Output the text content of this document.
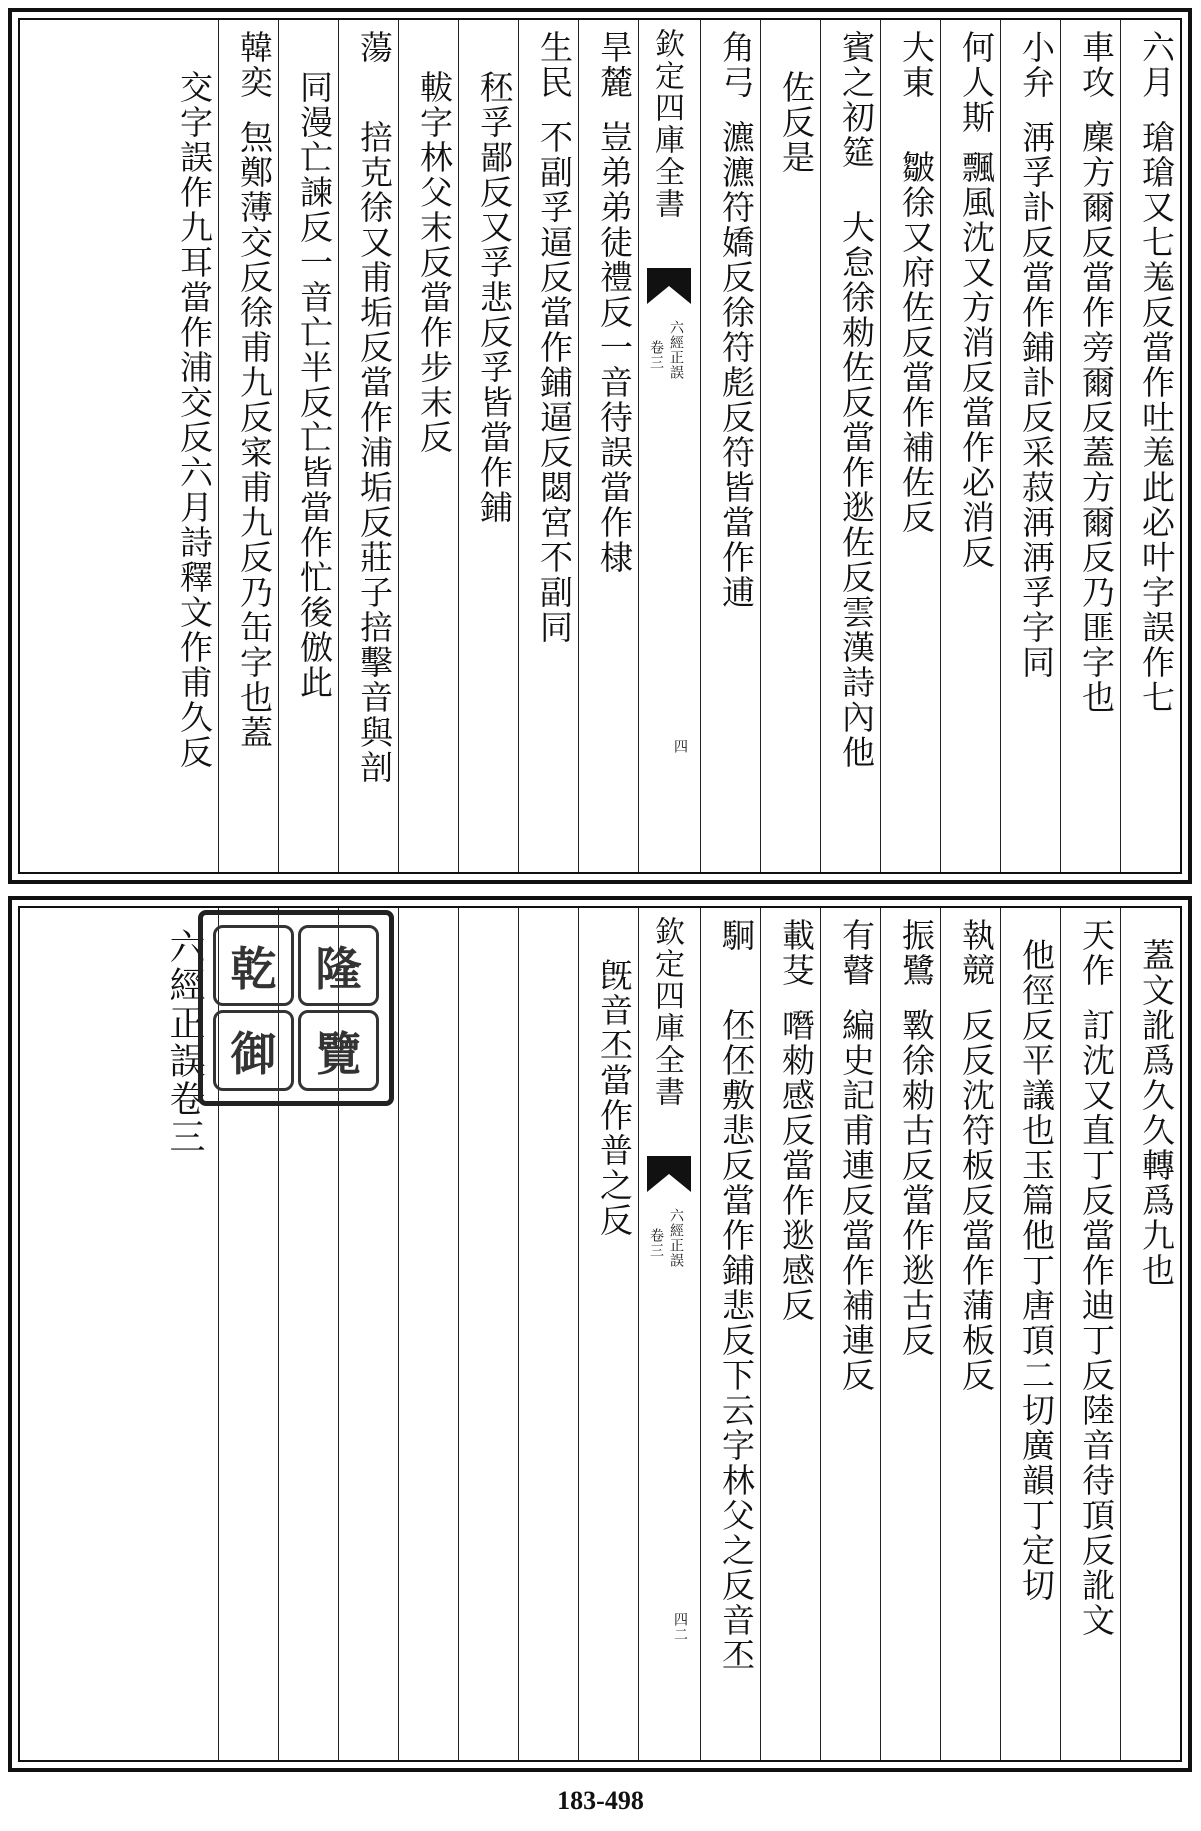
六月
瑲瑲又七羗反當作吐羗此必叶字誤作七
車攻
䴢方爾反當作旁爾反蓋方爾反乃匪字也
小弁
洅孚訃反當作鋪訃反采菽洅洅孚字同
何人斯
飄風沈又方消反當作必消反
大東
皺徐又府佐反當作補佐反
賓之初筵
大怠徐勑佐反當作逖佐反雲漢詩內他
佐反是
角弓
瀌瀌符嬌反徐符彪反符皆當作逋
欽定四庫全書
六經正誤
卷三
四
旱麓
豈弟弟徒禮反一音待誤當作棣
生民
不副孚逼反當作鋪逼反閟宮不副同
秠孚鄙反又孚悲反孚皆當作鋪
軷字林父末反當作步末反
蕩
掊克徐又甫垢反當作浦垢反莊子掊擊音與剖
同漫亡諫反一音亡半反亡皆當作忙後倣此
韓奕
炰鄭薄交反徐甫九反寀甫九反乃缶字也蓋
交字誤作九耳當作浦交反六月詩釋文作甫久反
蓋文訛爲久久轉爲九也
天作
訂沈又直丁反當作迪丁反陸音待頂反訛文
他徑反平議也玉篇他丁唐頂二切廣韻丁定切
執競
反反沈符板反當作蒲板反
振鷺
斁徐勑古反當作逖古反
有瞽
編史記甫連反當作補連反
載芟
噆勑感反當作逖感反
駉
伾伾敷悲反當作鋪悲反下云字林父之反音丕
欽定四庫全書
六經正誤
卷三
四二
旣音丕當作普之反
六經正誤卷三 乾 隆
御 覽
183-498
